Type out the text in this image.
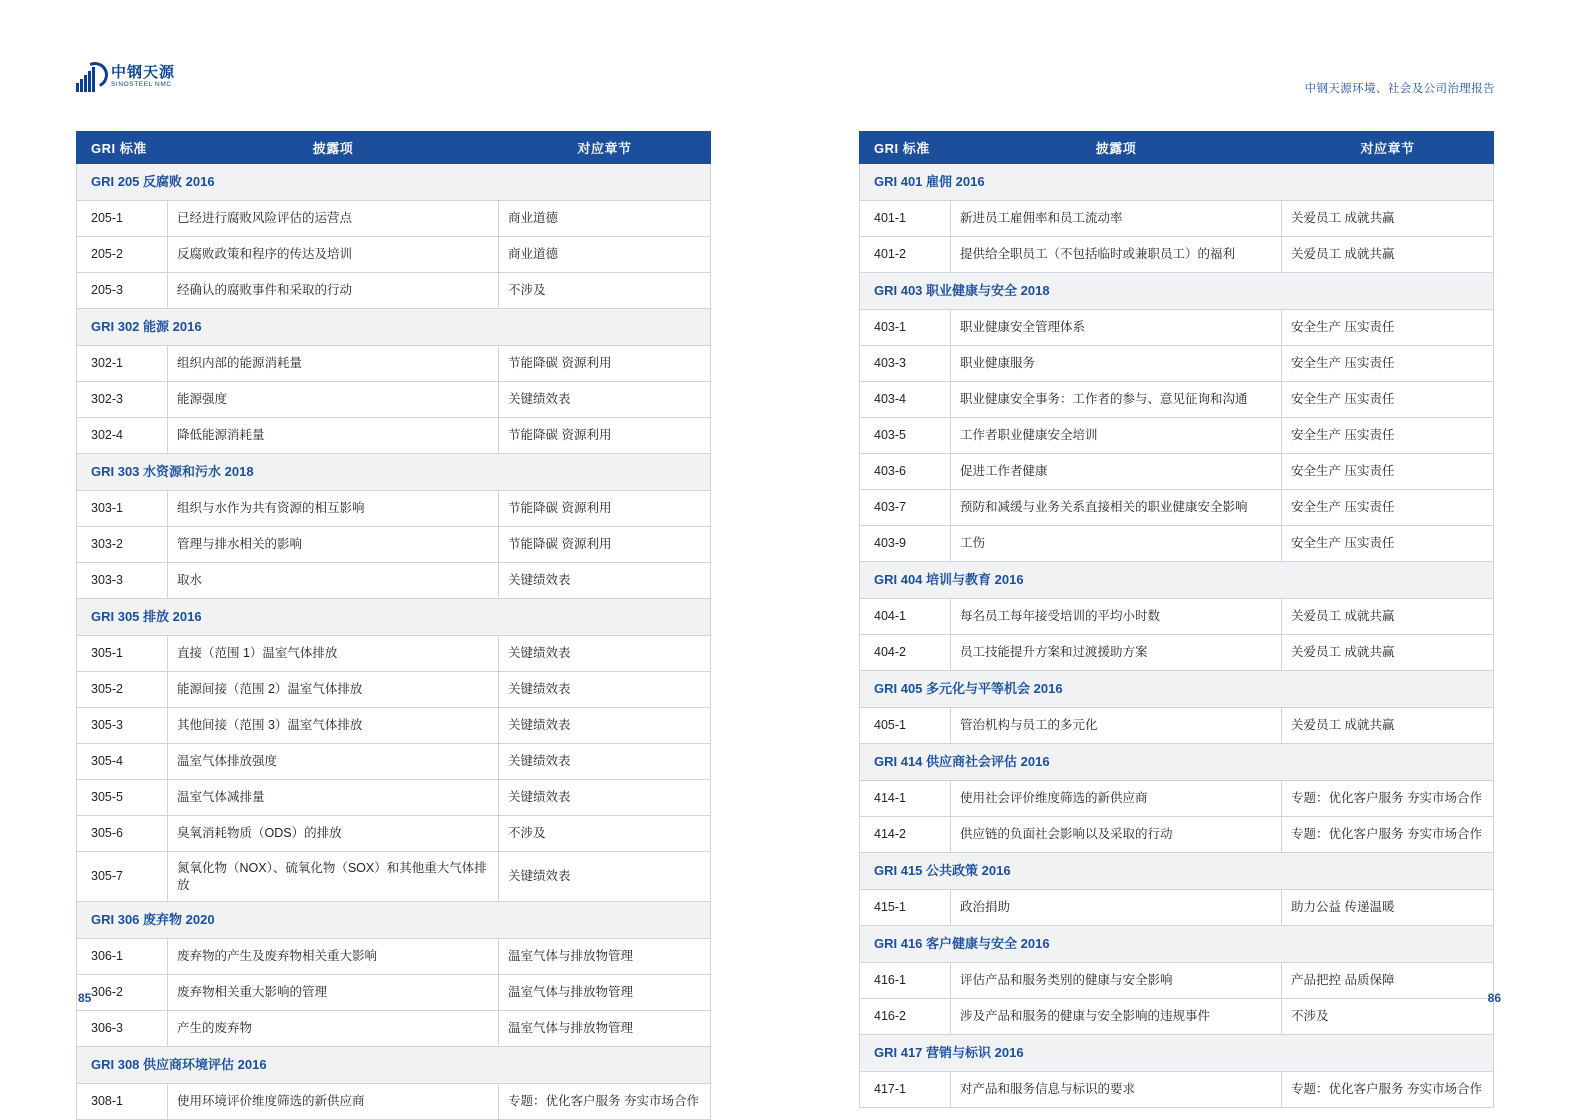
中钢天源
SINOSTEEL NMC	中钢天源环境、社会及公司治理报告
GRI 标准	披露项	对应章节
GRI 205 反腐败 2016		
205-1	已经进行腐败风险评估的运营点	商业道德
205-2	反腐败政策和程序的传达及培训	商业道德
205-3	经确认的腐败事件和采取的行动	不涉及
GRI 302 能源 2016		
302-1	组织内部的能源消耗量	节能降碳 资源利用
302-3	能源强度	关键绩效表
302-4	降低能源消耗量	节能降碳 资源利用
GRI 303 水资源和污水 2018		
303-1	组织与水作为共有资源的相互影响	节能降碳 资源利用
303-2	管理与排水相关的影响	节能降碳 资源利用
303-3	取水	关键绩效表
GRI 305 排放 2016		
305-1	直接（范围 1）温室气体排放	关键绩效表
305-2	能源间接（范围 2）温室气体排放	关键绩效表
305-3	其他间接（范围 3）温室气体排放	关键绩效表
305-4	温室气体排放强度	关键绩效表
305-5	温室气体减排量	关键绩效表
305-6	臭氧消耗物质（ODS）的排放	不涉及
305-7	氮氧化物（NOX）、硫氧化物（SOX）和其他重大气体排放	关键绩效表
GRI 306 废弃物 2020		
306-1	废弃物的产生及废弃物相关重大影响	温室气体与排放物管理
306-2	废弃物相关重大影响的管理	温室气体与排放物管理
306-3	产生的废弃物	温室气体与排放物管理
GRI 308 供应商环境评估 2016		
308-1	使用环境评价维度筛选的新供应商	专题：优化客户服务 夯实市场合作
GRI 标准	披露项	对应章节
GRI 401 雇佣 2016		
401-1	新进员工雇佣率和员工流动率	关爱员工 成就共赢
401-2	提供给全职员工（不包括临时或兼职员工）的福利	关爱员工 成就共赢
GRI 403 职业健康与安全 2018		
403-1	职业健康安全管理体系	安全生产 压实责任
403-3	职业健康服务	安全生产 压实责任
403-4	职业健康安全事务：工作者的参与、意见征询和沟通	安全生产 压实责任
403-5	工作者职业健康安全培训	安全生产 压实责任
403-6	促进工作者健康	安全生产 压实责任
403-7	预防和减缓与业务关系直接相关的职业健康安全影响	安全生产 压实责任
403-9	工伤	安全生产 压实责任
GRI 404 培训与教育 2016		
404-1	每名员工每年接受培训的平均小时数	关爱员工 成就共赢
404-2	员工技能提升方案和过渡援助方案	关爱员工 成就共赢
GRI 405 多元化与平等机会 2016		
405-1	管治机构与员工的多元化	关爱员工 成就共赢
GRI 414 供应商社会评估 2016		
414-1	使用社会评价维度筛选的新供应商	专题：优化客户服务 夯实市场合作
414-2	供应链的负面社会影响以及采取的行动	专题：优化客户服务 夯实市场合作
GRI 415 公共政策 2016		
415-1	政治捐助	助力公益 传递温暖
GRI 416 客户健康与安全 2016		
416-1	评估产品和服务类别的健康与安全影响	产品把控 品质保障
416-2	涉及产品和服务的健康与安全影响的违规事件	不涉及
GRI 417 营销与标识 2016		
417-1	对产品和服务信息与标识的要求	专题：优化客户服务 夯实市场合作
85	86
